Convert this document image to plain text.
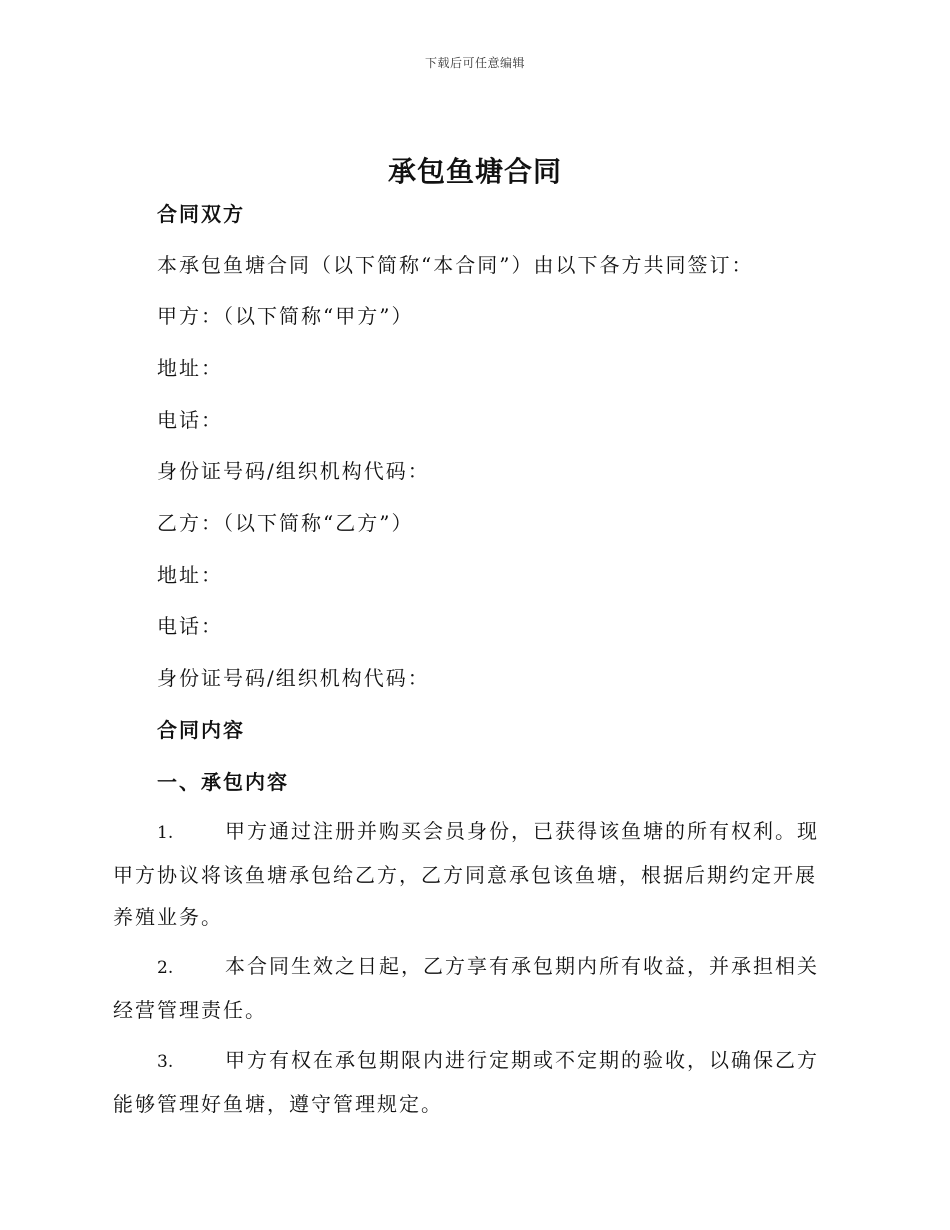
下载后可任意编辑
承包鱼塘合同
合同双方

本承包鱼塘合同（以下简称“本合同”）由以下各方共同签订：

甲方：（以下简称“甲方”）

地址：

电话：

身份证号码/组织机构代码：

乙方：（以下简称“乙方”）

地址：

电话：

身份证号码/组织机构代码：

合同内容
一、承包内容

1.	甲方通过注册并购买会员身份，已获得该鱼塘的所有权利。现甲方协议将该鱼塘承包给乙方，乙方同意承包该鱼塘，根据后期约定开展养殖业务。

2.	本合同生效之日起，乙方享有承包期内所有收益，并承担相关经营管理责任。

3.	甲方有权在承包期限内进行定期或不定期的验收，以确保乙方能够管理好鱼塘，遵守管理规定。
